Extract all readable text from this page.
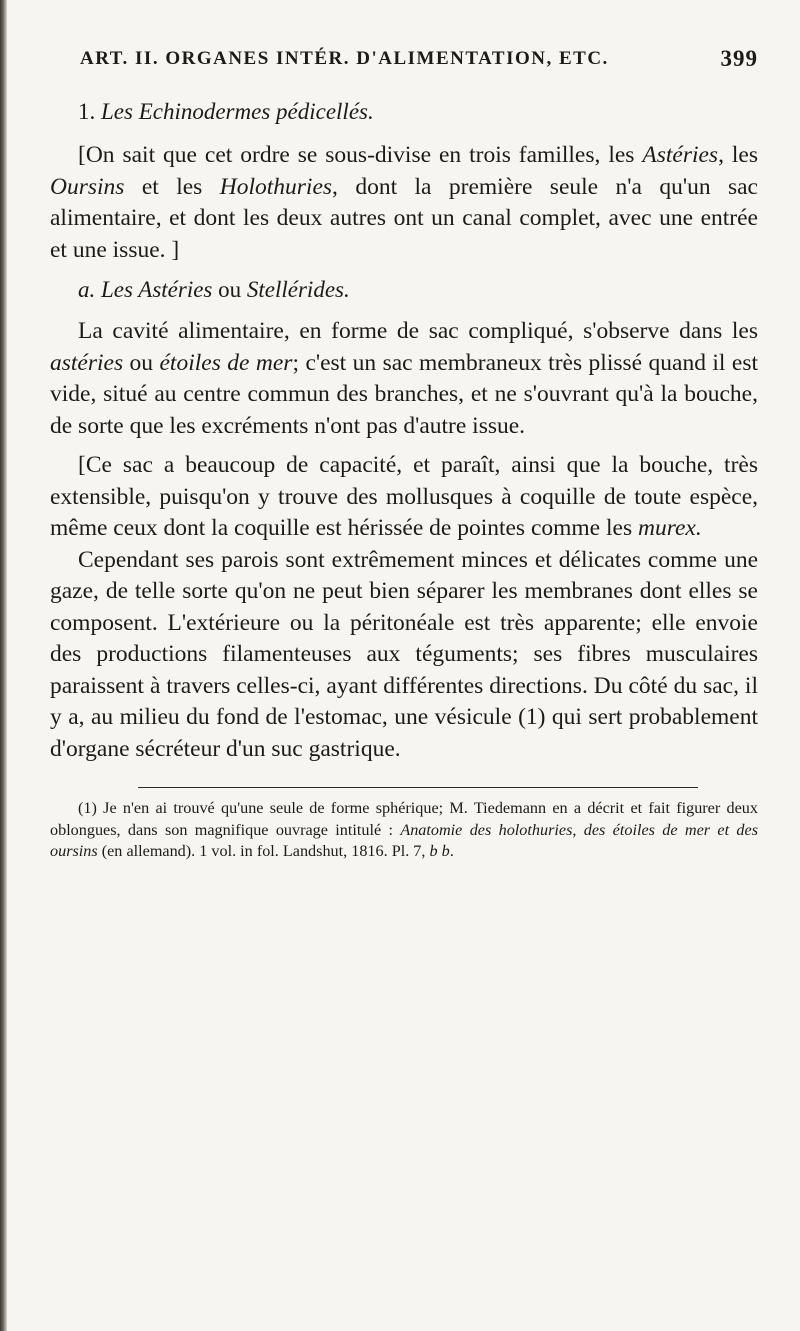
ART. II. ORGANES INTÉR. D'ALIMENTATION, ETC.	399
1. Les Echinodermes pédicellés.

[On sait que cet ordre se sous-divise en trois familles, les Astéries, les Oursins et les Holothuries, dont la première seule n'a qu'un sac alimentaire, et dont les deux autres ont un canal complet, avec une entrée et une issue. ]

a. Les Astéries ou Stellérides.

La cavité alimentaire, en forme de sac compliqué, s'observe dans les astéries ou étoiles de mer; c'est un sac membraneux très plissé quand il est vide, situé au centre commun des branches, et ne s'ouvrant qu'à la bouche, de sorte que les excréments n'ont pas d'autre issue.

[Ce sac a beaucoup de capacité, et paraît, ainsi que la bouche, très extensible, puisqu'on y trouve des mollusques à coquille de toute espèce, même ceux dont la coquille est hérissée de pointes comme les murex.

Cependant ses parois sont extrêmement minces et délicates comme une gaze, de telle sorte qu'on ne peut bien séparer les membranes dont elles se composent. L'extérieure ou la péritonéale est très apparente; elle envoie des productions filamenteuses aux téguments; ses fibres musculaires paraissent à travers celles-ci, ayant différentes directions. Du côté du sac, il y a, au milieu du fond de l'estomac, une vésicule (1) qui sert probablement d'organe sécréteur d'un suc gastrique.

(1) Je n'en ai trouvé qu'une seule de forme sphérique; M. Tiedemann en a décrit et fait figurer deux oblongues, dans son magnifique ouvrage intitulé : Anatomie des holothuries, des étoiles de mer et des oursins (en allemand). 1 vol. in fol. Landshut, 1816. Pl. 7, b b.
